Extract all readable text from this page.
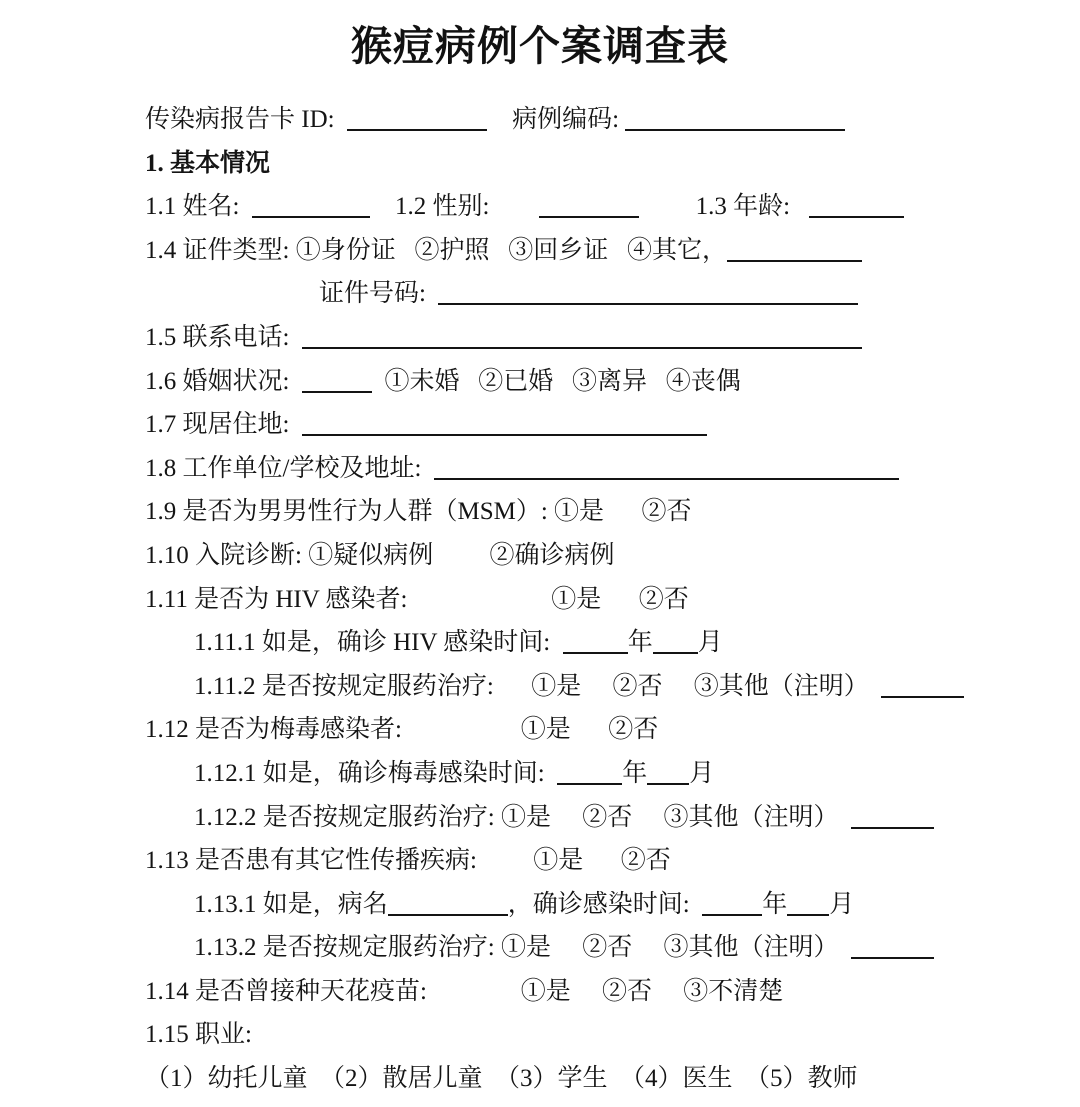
猴痘病例个案调查表
传染病报告卡 ID:	病例编码:
1. 基本情况
1.1 姓名:	1.2 性别:	1.3 年龄:
1.4 证件类型: ①身份证   ②护照   ③回乡证   ④其它，
证件号码:
1.5 联系电话:
1.6 婚姻状况:	①未婚   ②已婚   ③离异   ④丧偶
1.7 现居住地:
1.8 工作单位/学校及地址:
1.9 是否为男男性行为人群（MSM）: ①是      ②否
1.10 入院诊断: ①疑似病例         ②确诊病例
1.11 是否为 HIV 感染者:                       ①是      ②否
1.11.1 如是，确诊 HIV 感染时间:	年 月
1.11.2 是否按规定服药治疗:      ①是     ②否     ③其他（注明）
1.12 是否为梅毒感染者:                   ①是      ②否
1.12.1 如是，确诊梅毒感染时间:	年 月
1.12.2 是否按规定服药治疗: ①是     ②否     ③其他（注明）
1.13 是否患有其它性传播疾病:         ①是      ②否
1.13.1 如是，病名	，确诊感染时间:  年 月
1.13.2 是否按规定服药治疗: ①是     ②否     ③其他（注明）
1.14 是否曾接种天花疫苗:               ①是     ②否     ③不清楚
1.15 职业:
（1）幼托儿童  （2）散居儿童  （3）学生  （4）医生  （5）教师
